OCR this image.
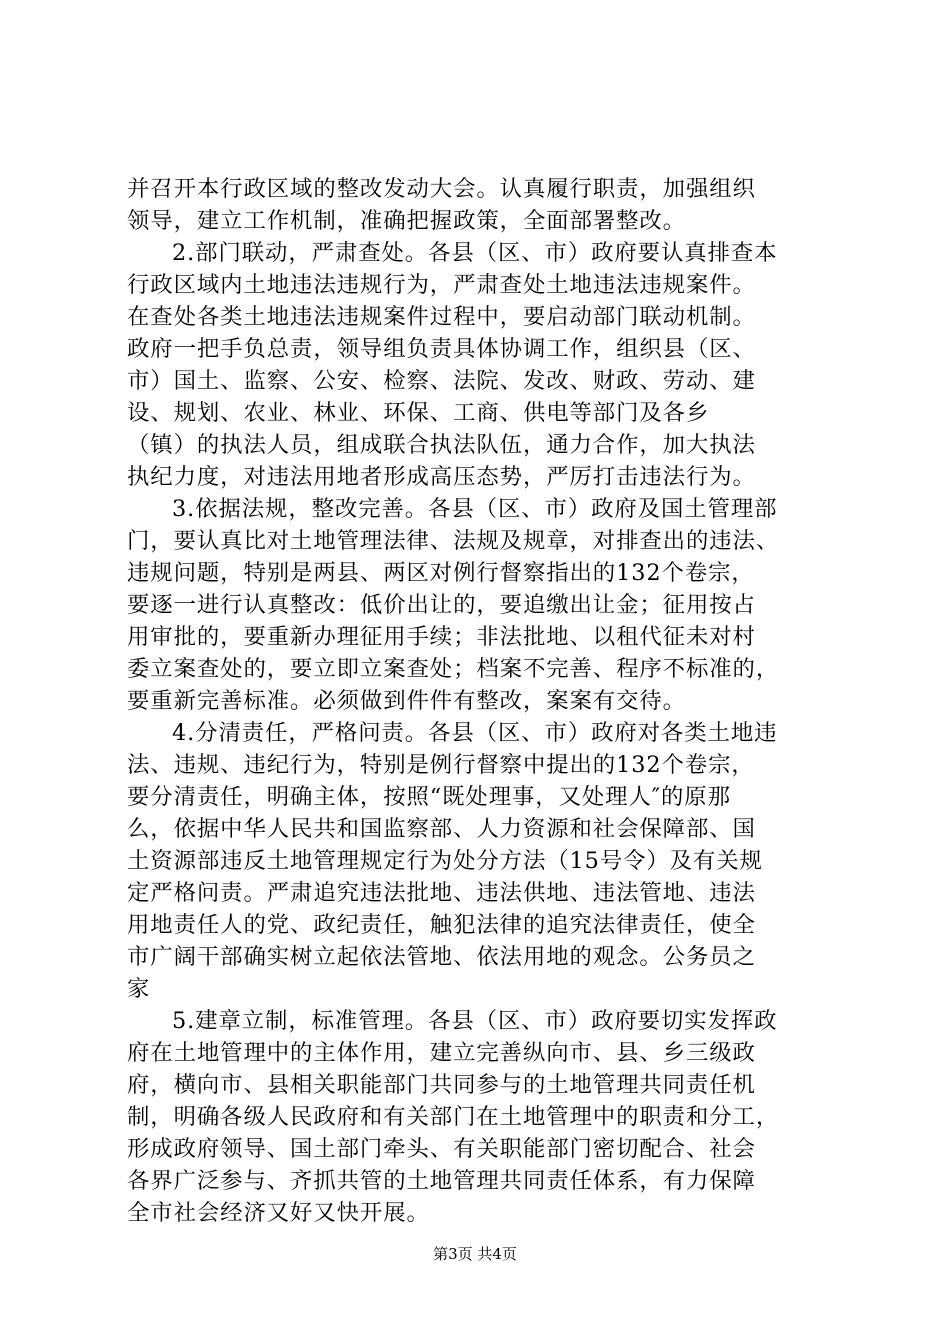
并召开本行政区域的整改发动大会。认真履行职责，加强组织
领导，建立工作机制，准确把握政策，全面部署整改。
2.部门联动，严肃查处。各县（区、市）政府要认真排查本
行政区域内土地违法违规行为，严肃查处土地违法违规案件。
在查处各类土地违法违规案件过程中，要启动部门联动机制。
政府一把手负总责，领导组负责具体协调工作，组织县（区、
市）国土、监察、公安、检察、法院、发改、财政、劳动、建
设、规划、农业、林业、环保、工商、供电等部门及各乡
（镇）的执法人员，组成联合执法队伍，通力合作，加大执法
执纪力度，对违法用地者形成高压态势，严厉打击违法行为。
3.依据法规，整改完善。各县（区、市）政府及国土管理部
门，要认真比对土地管理法律、法规及规章，对排查出的违法、
违规问题，特别是两县、两区对例行督察指出的132个卷宗，
要逐一进行认真整改：低价出让的，要追缴出让金；征用按占
用审批的，要重新办理征用手续；非法批地、以租代征未对村
委立案查处的，要立即立案查处；档案不完善、程序不标准的，
要重新完善标准。必须做到件件有整改，案案有交待。
4.分清责任，严格问责。各县（区、市）政府对各类土地违
法、违规、违纪行为，特别是例行督察中提出的132个卷宗，
要分清责任，明确主体，按照“既处理事，又处理人″的原那
么，依据中华人民共和国监察部、人力资源和社会保障部、国
土资源部违反土地管理规定行为处分方法（15号令）及有关规
定严格问责。严肃追究违法批地、违法供地、违法管地、违法
用地责任人的党、政纪责任，触犯法律的追究法律责任，使全
市广阔干部确实树立起依法管地、依法用地的观念。公务员之
家
5.建章立制，标准管理。各县（区、市）政府要切实发挥政
府在土地管理中的主体作用，建立完善纵向市、县、乡三级政
府，横向市、县相关职能部门共同参与的土地管理共同责任机
制，明确各级人民政府和有关部门在土地管理中的职责和分工，
形成政府领导、国土部门牵头、有关职能部门密切配合、社会
各界广泛参与、齐抓共管的土地管理共同责任体系，有力保障
全市社会经济又好又快开展。
第3页 共4页
